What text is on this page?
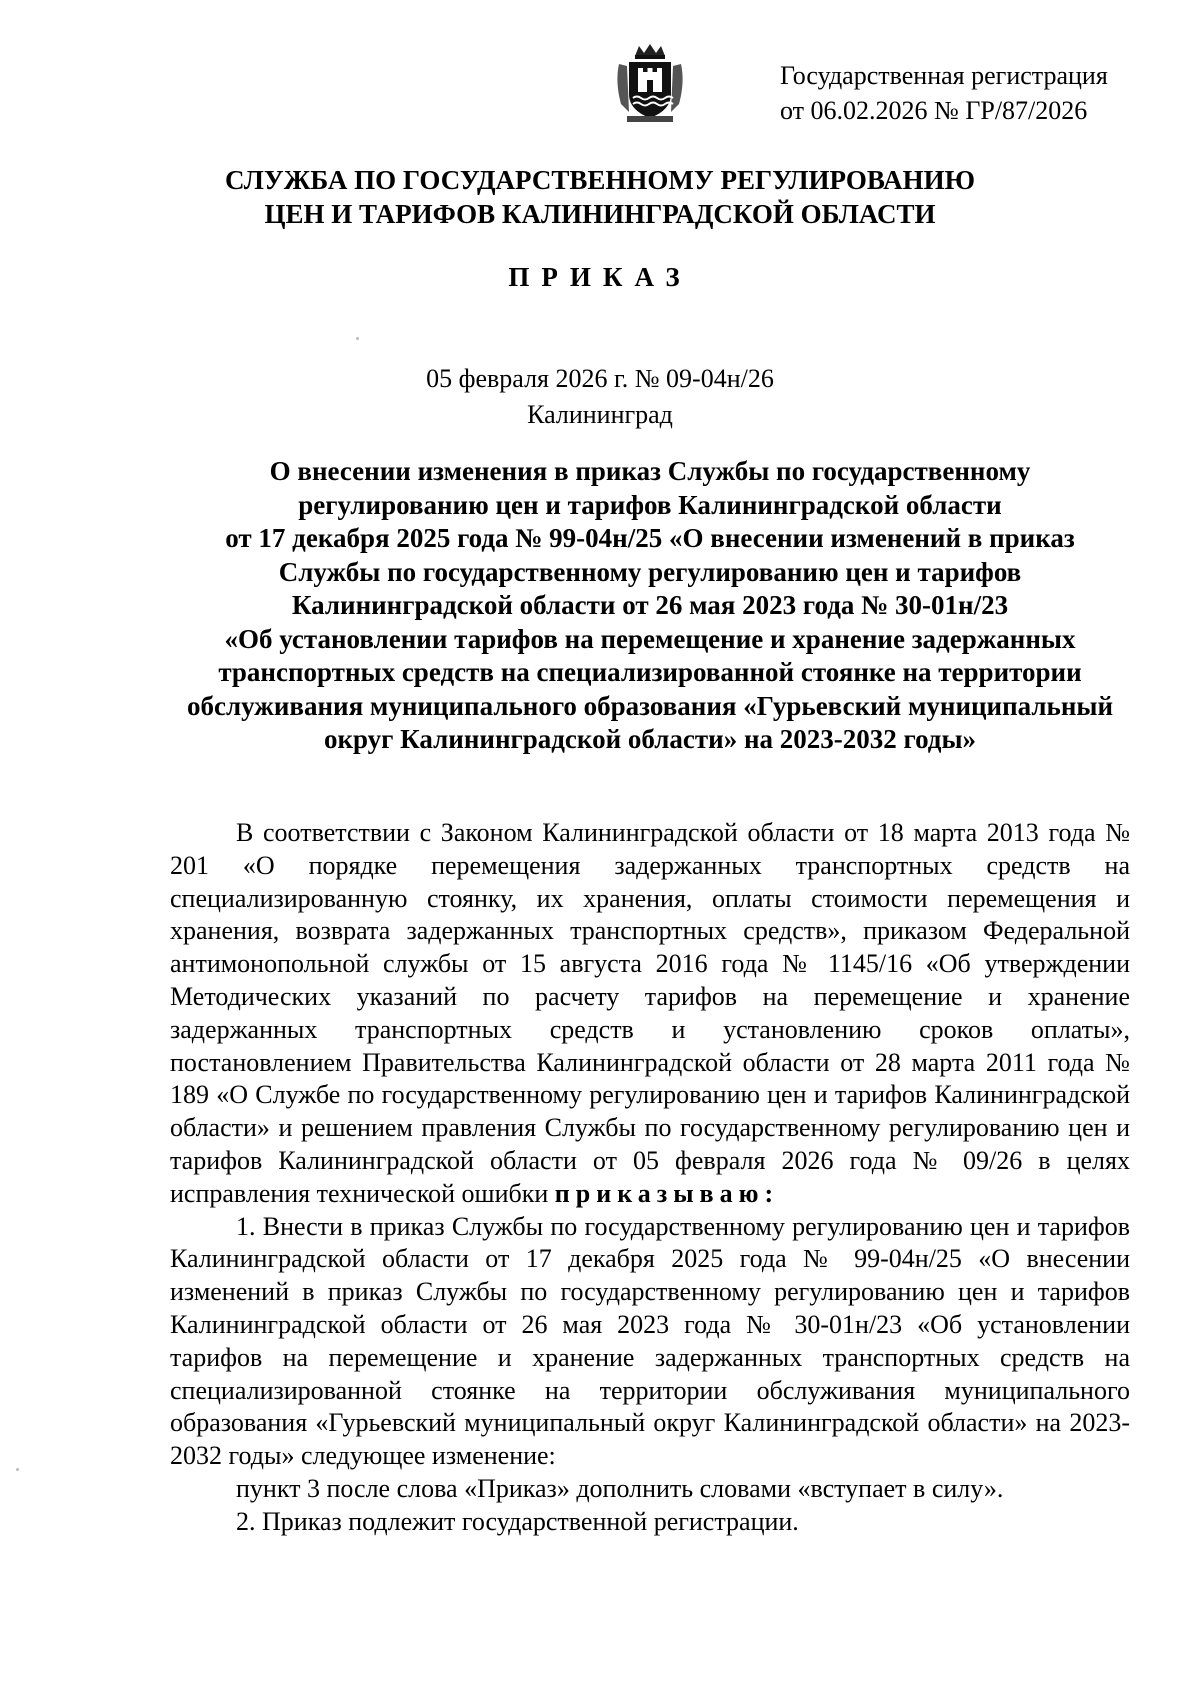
Государственная регистрация
от 06.02.2026 № ГР/87/2026
СЛУЖБА ПО ГОСУДАРСТВЕННОМУ РЕГУЛИРОВАНИЮ
ЦЕН И ТАРИФОВ КАЛИНИНГРАДСКОЙ ОБЛАСТИ
ПРИКАЗ
05 февраля 2026 г. № 09-04н/26
Калининград
О внесении изменения в приказ Службы по государственному
регулированию цен и тарифов Калининградской области
от 17 декабря 2025 года № 99-04н/25 «О внесении изменений в приказ
Службы по государственному регулированию цен и тарифов
Калининградской области от 26 мая 2023 года № 30-01н/23
«Об установлении тарифов на перемещение и хранение задержанных
транспортных средств на специализированной стоянке на территории
обслуживания муниципального образования «Гурьевский муниципальный
округ Калининградской области» на 2023-2032 годы»

В соответствии с Законом Калининградской области от 18 марта 2013 года № 201 «О порядке перемещения задержанных транспортных средств на специализированную стоянку, их хранения, оплаты стоимости перемещения и хранения, возврата задержанных транспортных средств», приказом Федеральной антимонопольной службы от 15 августа 2016 года № 1145/16 «Об утверждении Методических указаний по расчету тарифов на перемещение и хранение задержанных транспортных средств и установлению сроков оплаты», постановлением Правительства Калининградской области от 28 марта 2011 года № 189 «О Службе по государственному регулированию цен и тарифов Калининградской области» и решением правления Службы по государственному регулированию цен и тарифов Калининградской области от 05 февраля 2026 года № 09/26 в целях исправления технической ошибки приказываю:

1. Внести в приказ Службы по государственному регулированию цен и тарифов Калининградской области от 17 декабря 2025 года № 99-04н/25 «О внесении изменений в приказ Службы по государственному регулированию цен и тарифов Калининградской области от 26 мая 2023 года № 30-01н/23 «Об установлении тарифов на перемещение и хранение задержанных транспортных средств на специализированной стоянке на территории обслуживания муниципального образования «Гурьевский муниципальный округ Калининградской области» на 2023-2032 годы» следующее изменение:

пункт 3 после слова «Приказ» дополнить словами «вступает в силу».

2. Приказ подлежит государственной регистрации.
